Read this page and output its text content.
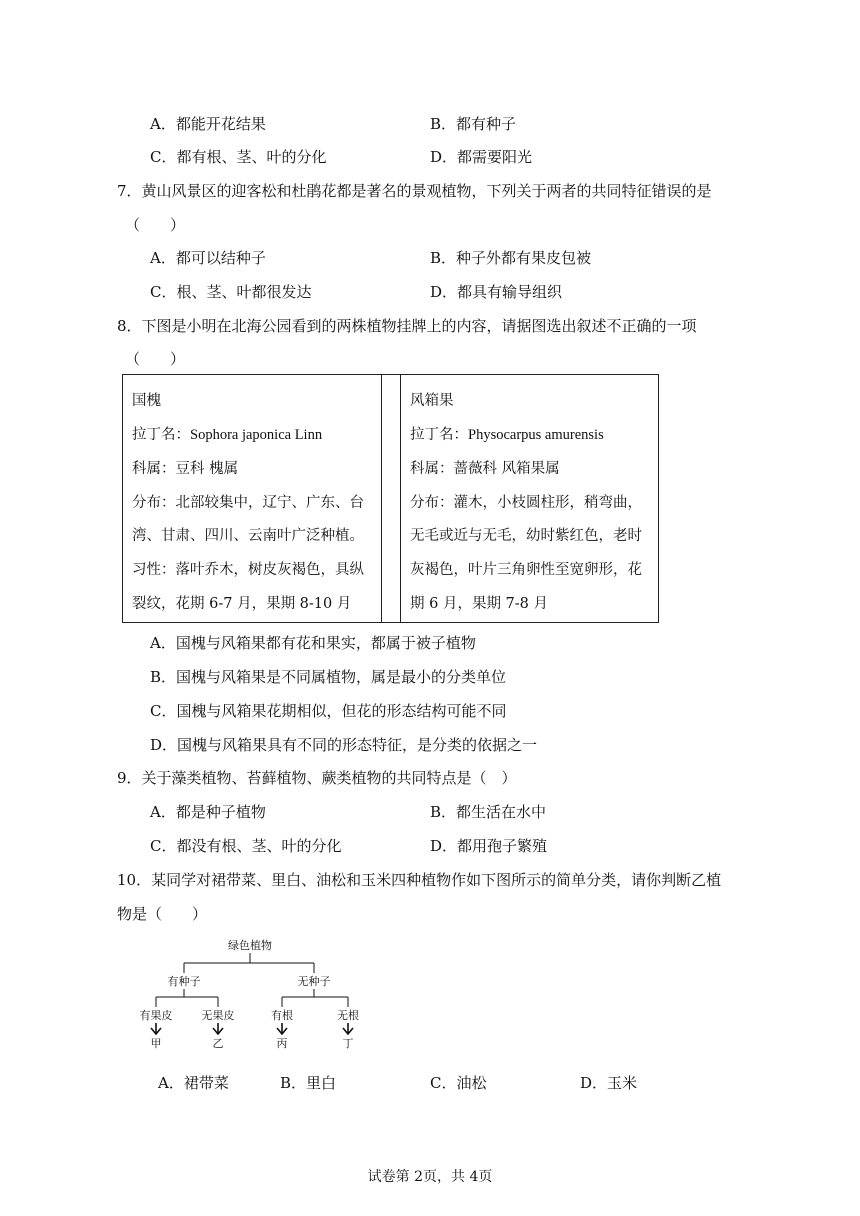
A．都能开花结果	B．都有种子
C．都有根、茎、叶的分化	D．都需要阳光
7．黄山风景区的迎客松和杜鹃花都是著名的景观植物，下列关于两者的共同特征错误的是
（　　）
A．都可以结种子	B．种子外都有果皮包被
C．根、茎、叶都很发达	D．都具有输导组织
8．下图是小明在北海公园看到的两株植物挂牌上的内容，请据图选出叙述不正确的一项
（　　）
国槐
拉丁名：Sophora japonica Linn
科属：豆科 槐属
分布：北部较集中，辽宁、广东、台
湾、甘肃、四川、云南叶广泛种植。
习性：落叶乔木，树皮灰褐色，具纵
裂纹，花期 6-7 月，果期 8-10 月
风箱果
拉丁名：Physocarpus amurensis
科属：蔷薇科 风箱果属
分布：灌木，小枝圆柱形，稍弯曲，
无毛或近与无毛，幼时紫红色，老时
灰褐色，叶片三角卵性至宽卵形，花
期 6 月，果期 7-8 月
A．国槐与风箱果都有花和果实，都属于被子植物
B．国槐与风箱果是不同属植物，属是最小的分类单位
C．国槐与风箱果花期相似，但花的形态结构可能不同
D．国槐与风箱果具有不同的形态特征，是分类的依据之一
9．关于藻类植物、苔藓植物、蕨类植物的共同特点是（　）
A．都是种子植物	B．都生活在水中
C．都没有根、茎、叶的分化	D．都用孢子繁殖
10．某同学对裙带菜、里白、油松和玉米四种植物作如下图所示的简单分类，请你判断乙植
物是（　　）
绿色植物
有种子	无种子
有果皮	无果皮	有根	无根
甲	乙	丙	丁
A．裙带菜	B．里白	C．油松	D．玉米
试卷第 2页，共 4页
